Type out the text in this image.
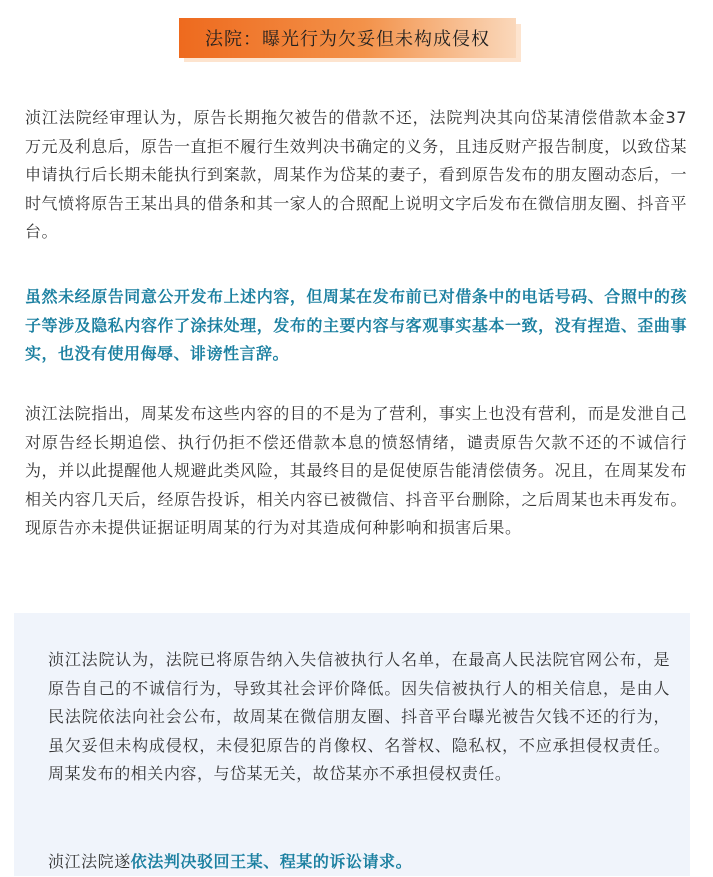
法院：曝光行为欠妥但未构成侵权

浈江法院经审理认为，原告长期拖欠被告的借款不还，法院判决其向岱某清偿借款本金37万元及利息后，原告一直拒不履行生效判决书确定的义务，且违反财产报告制度，以致岱某申请执行后长期未能执行到案款，周某作为岱某的妻子，看到原告发布的朋友圈动态后，一时气愤将原告王某出具的借条和其一家人的合照配上说明文字后发布在微信朋友圈、抖音平台。

虽然未经原告同意公开发布上述内容，但周某在发布前已对借条中的电话号码、合照中的孩子等涉及隐私内容作了涂抹处理，发布的主要内容与客观事实基本一致，没有捏造、歪曲事实，也没有使用侮辱、诽谤性言辞。

浈江法院指出，周某发布这些内容的目的不是为了营利，事实上也没有营利，而是发泄自己对原告经长期追偿、执行仍拒不偿还借款本息的愤怒情绪，谴责原告欠款不还的不诚信行为，并以此提醒他人规避此类风险，其最终目的是促使原告能清偿债务。况且，在周某发布相关内容几天后，经原告投诉，相关内容已被微信、抖音平台删除，之后周某也未再发布。现原告亦未提供证据证明周某的行为对其造成何种影响和损害后果。

浈江法院认为，法院已将原告纳入失信被执行人名单，在最高人民法院官网公布，是原告自己的不诚信行为，导致其社会评价降低。因失信被执行人的相关信息，是由人民法院依法向社会公布，故周某在微信朋友圈、抖音平台曝光被告欠钱不还的行为，虽欠妥但未构成侵权，未侵犯原告的肖像权、名誉权、隐私权，不应承担侵权责任。周某发布的相关内容，与岱某无关，故岱某亦不承担侵权责任。

浈江法院遂依法判决驳回王某、程某的诉讼请求。
